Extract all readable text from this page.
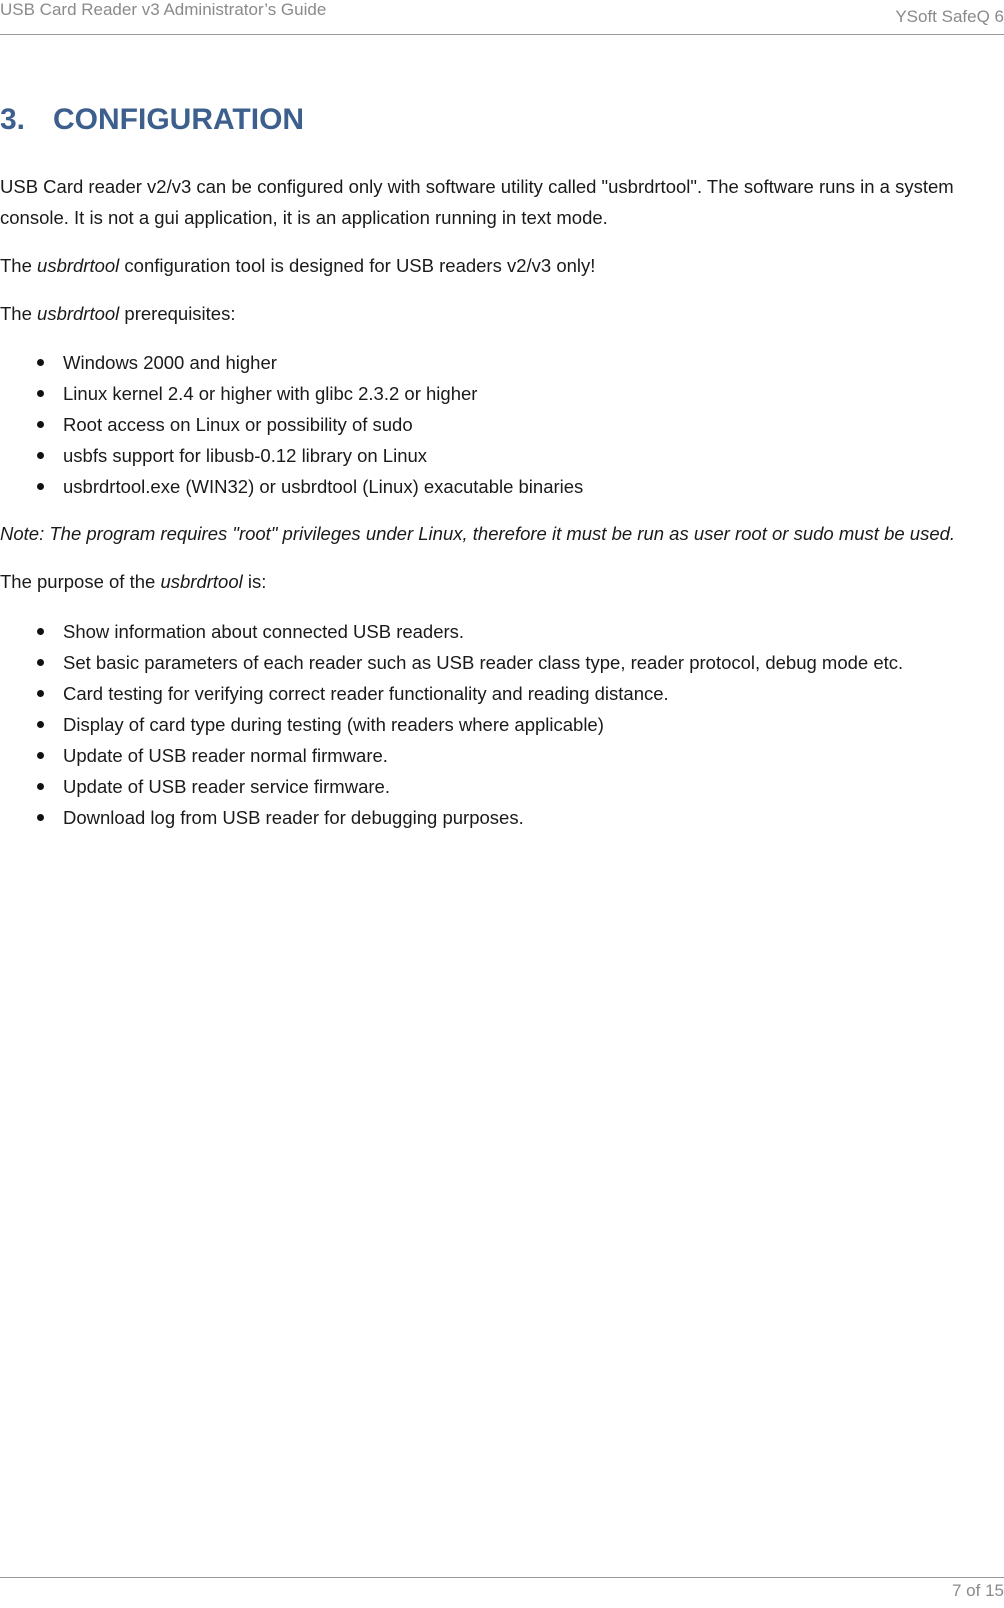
USB Card Reader v3 Administrator’s Guide	YSoft SafeQ 6
3. CONFIGURATION

USB Card reader v2/v3 can be configured only with software utility called "usbrdrtool". The software runs in a system console. It is not a gui application, it is an application running in text mode.

The usbrdrtool configuration tool is designed for USB readers v2/v3 only!

The usbrdrtool prerequisites:

Windows 2000 and higher
Linux kernel 2.4 or higher with glibc 2.3.2 or higher
Root access on Linux or possibility of sudo
usbfs support for libusb-0.12 library on Linux
usbrdrtool.exe (WIN32) or usbrdtool (Linux) exacutable binaries

Note: The program requires "root" privileges under Linux, therefore it must be run as user root or sudo must be used.

The purpose of the usbrdrtool is:

Show information about connected USB readers.
Set basic parameters of each reader such as USB reader class type, reader protocol, debug mode etc.
Card testing for verifying correct reader functionality and reading distance.
Display of card type during testing (with readers where applicable)
Update of USB reader normal firmware.
Update of USB reader service firmware.
Download log from USB reader for debugging purposes.
7 of 15
